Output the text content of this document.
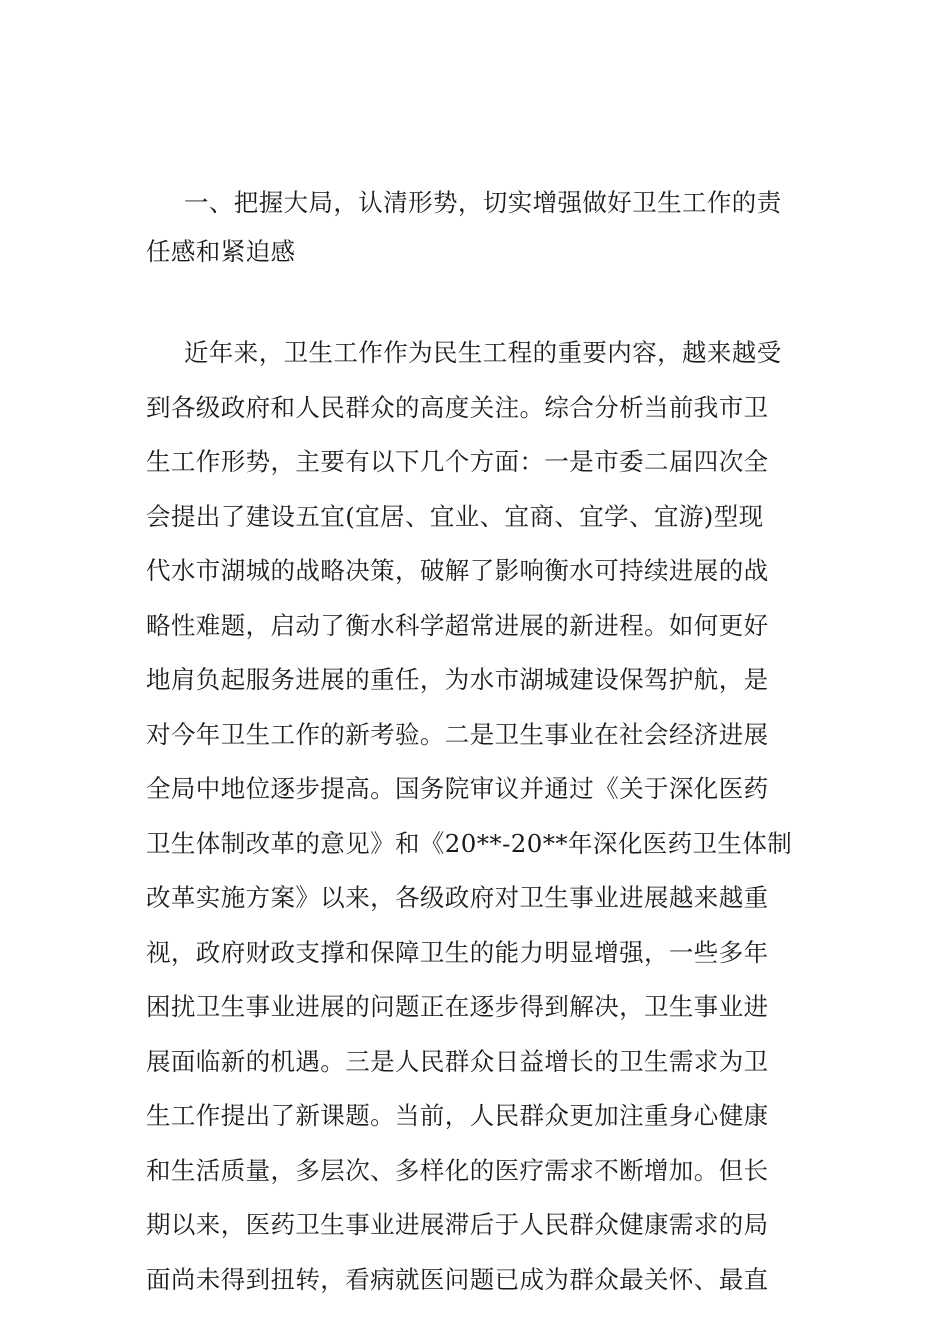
一、把握大局，认清形势，切实增强做好卫生工作的责
任感和紧迫感

近年来，卫生工作作为民生工程的重要内容，越来越受
到各级政府和人民群众的高度关注。综合分析当前我市卫
生工作形势，主要有以下几个方面：一是市委二届四次全
会提出了建设五宜(宜居、宜业、宜商、宜学、宜游)型现
代水市湖城的战略决策，破解了影响衡水可持续进展的战
略性难题，启动了衡水科学超常进展的新进程。如何更好
地肩负起服务进展的重任，为水市湖城建设保驾护航，是
对今年卫生工作的新考验。二是卫生事业在社会经济进展
全局中地位逐步提高。国务院审议并通过《关于深化医药
卫生体制改革的意见》和《20**-20**年深化医药卫生体制
改革实施方案》以来，各级政府对卫生事业进展越来越重
视，政府财政支撑和保障卫生的能力明显增强，一些多年
困扰卫生事业进展的问题正在逐步得到解决，卫生事业进
展面临新的机遇。三是人民群众日益增长的卫生需求为卫
生工作提出了新课题。当前，人民群众更加注重身心健康
和生活质量，多层次、多样化的医疗需求不断增加。但长
期以来，医药卫生事业进展滞后于人民群众健康需求的局
面尚未得到扭转，看病就医问题已成为群众最关怀、最直
